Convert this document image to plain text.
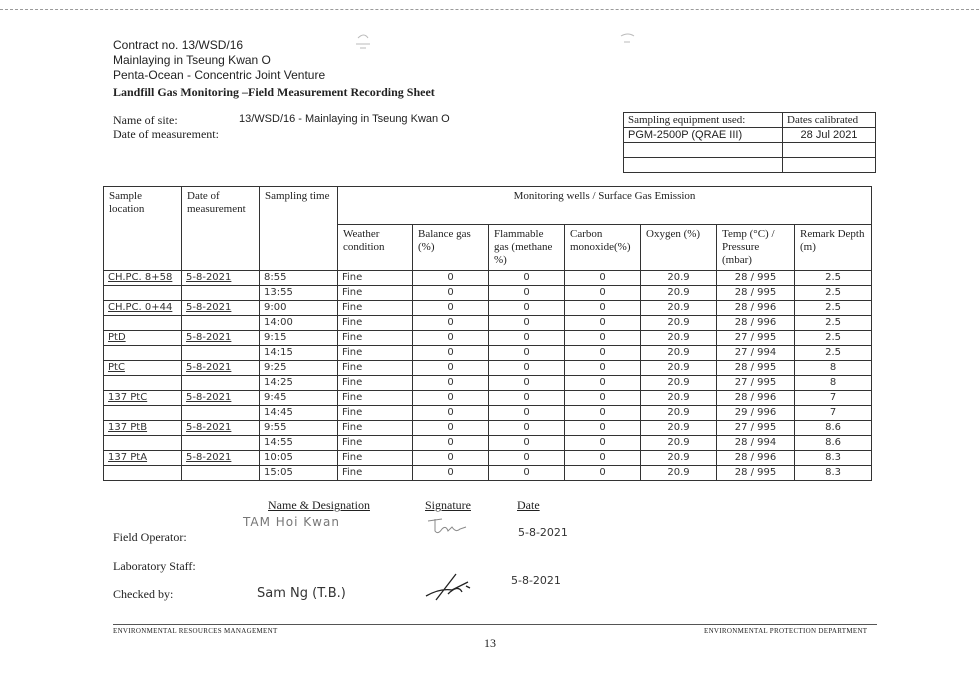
Contract no. 13/WSD/16
Mainlaying in Tseung Kwan O
Penta-Ocean - Concentric Joint Venture
Landfill Gas Monitoring –Field Measurement Recording Sheet
Name of site:	13/WSD/16 - Mainlaying in Tseung Kwan O
Date of measurement:
Sampling equipment used:	Dates calibrated
PGM-2500P (QRAE III)	28 Jul 2021

Sample location	Date of measurement	Sampling time	Monitoring wells / Surface Gas Emission						
			Weather condition	Balance gas (%)	Flammable gas (methane %)	Carbon monoxide(%)	Oxygen (%)	Temp (°C) / Pressure (mbar)	Remark Depth (m)
CH.PC. 8+58	5-8-2021	8:55	Fine	0	0	0	20.9	28 / 995	2.5
		13:55	Fine	0	0	0	20.9	28 / 995	2.5
CH.PC. 0+44	5-8-2021	9:00	Fine	0	0	0	20.9	28 / 996	2.5
		14:00	Fine	0	0	0	20.9	28 / 996	2.5
PtD	5-8-2021	9:15	Fine	0	0	0	20.9	27 / 995	2.5
		14:15	Fine	0	0	0	20.9	27 / 994	2.5
PtC	5-8-2021	9:25	Fine	0	0	0	20.9	28 / 995	8
		14:25	Fine	0	0	0	20.9	27 / 995	8
137 PtC	5-8-2021	9:45	Fine	0	0	0	20.9	28 / 996	7
		14:45	Fine	0	0	0	20.9	29 / 996	7
137 PtB	5-8-2021	9:55	Fine	0	0	0	20.9	27 / 995	8.6
		14:55	Fine	0	0	0	20.9	28 / 994	8.6
137 PtA	5-8-2021	10:05	Fine	0	0	0	20.9	28 / 996	8.3
		15:05	Fine	0	0	0	20.9	28 / 995	8.3
Name & Designation	Signature	Date
Field Operator:
TAM Hoi Kwan
5-8-2021
Laboratory Staff:
Checked by:	Sam Ng (T.B.)
5-8-2021
ENVIRONMENTAL RESOURCES MANAGEMENT	ENVIRONMENTAL PROTECTION DEPARTMENT
13
